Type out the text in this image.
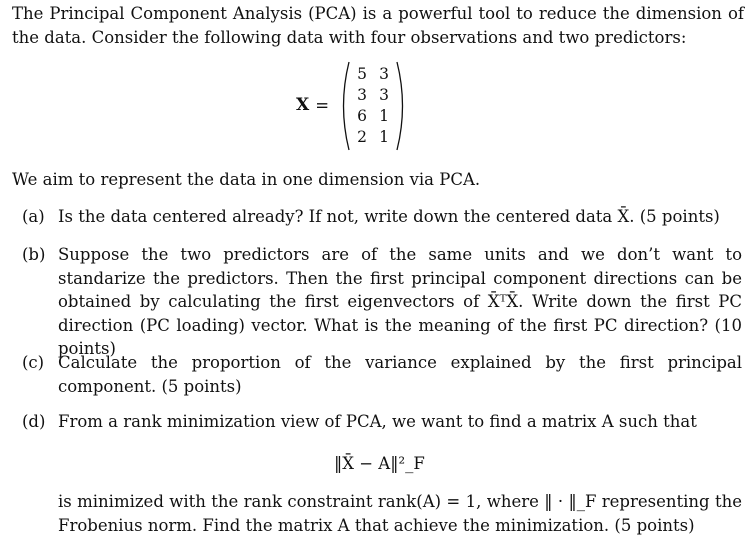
The Principal Component Analysis (PCA) is a powerful tool to reduce the dimension of the data. Consider the following data with four observations and two predictors:

X =
5 3
3 3
6 1
2 1

We aim to represent the data in one dimension via PCA.

(a) Is the data centered already? If not, write down the centered data X̄. (5 points)
(b) Suppose the two predictors are of the same units and we don’t want to standarize the predictors. Then the first principal component directions can be obtained by calculating the first eigenvectors of X̄ᵀX̄. Write down the first PC direction (PC loading) vector. What is the meaning of the first PC direction? (10 points)
(c) Calculate the proportion of the variance explained by the first principal component. (5 points)
(d) From a rank minimization view of PCA, we want to find a matrix A such that
‖X̄ − A‖²_F
is minimized with the rank constraint rank(A) = 1, where ‖ · ‖_F representing the Frobenius norm. Find the matrix A that achieve the minimization. (5 points)
